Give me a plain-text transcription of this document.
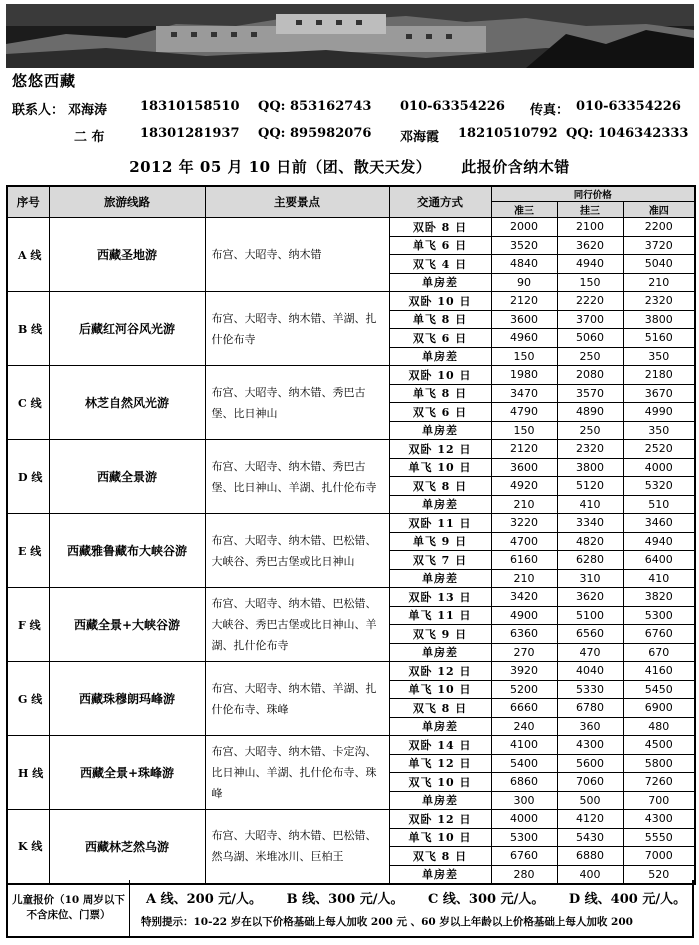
悠悠西藏
联系人： 邓海涛	18310158510 QQ: 853162743 010-63354226 传真： 010-63354226
二 布	18301281937 QQ: 895982076 邓海霞 18210510792 QQ: 1046342333
2012 年 05 月 10 日前（团、散天天发） 此报价含纳木错
序号	旅游线路	主要景点	交通方式	同行价格		
				准三	挂三	准四
A 线	西藏圣地游	布宫、大昭寺、纳木错	双卧 8 日	2000	2100	2200
			单飞 6 日	3520	3620	3720
			双飞 4 日	4840	4940	5040
			单房差	90	150	210
B 线	后藏红河谷风光游	布宫、大昭寺、纳木错、羊湖、扎什伦布寺	双卧 10 日	2120	2220	2320
			单飞 8 日	3600	3700	3800
			双飞 6 日	4960	5060	5160
			单房差	150	250	350
C 线	林芝自然风光游	布宫、大昭寺、纳木错、秀巴古堡、比日神山	双卧 10 日	1980	2080	2180
			单飞 8 日	3470	3570	3670
			双飞 6 日	4790	4890	4990
			单房差	150	250	350
D 线	西藏全景游	布宫、大昭寺、纳木错、秀巴古堡、比日神山、羊湖、扎什伦布寺	双卧 12 日	2120	2320	2520
			单飞 10 日	3600	3800	4000
			双飞 8 日	4920	5120	5320
			单房差	210	410	510
E 线	西藏雅鲁藏布大峡谷游	布宫、大昭寺、纳木错、巴松错、大峡谷、秀巴古堡或比日神山	双卧 11 日	3220	3340	3460
			单飞 9 日	4700	4820	4940
			双飞 7 日	6160	6280	6400
			单房差	210	310	410
F 线	西藏全景+大峡谷游	布宫、大昭寺、纳木错、巴松错、大峡谷、秀巴古堡或比日神山、羊湖、扎什伦布寺	双卧 13 日	3420	3620	3820
			单飞 11 日	4900	5100	5300
			双飞 9 日	6360	6560	6760
			单房差	270	470	670
G 线	西藏珠穆朗玛峰游	布宫、大昭寺、纳木错、羊湖、扎什伦布寺、珠峰	双卧 12 日	3920	4040	4160
			单飞 10 日	5200	5330	5450
			双飞 8 日	6660	6780	6900
			单房差	240	360	480
H 线	西藏全景+珠峰游	布宫、大昭寺、纳木错、卡定沟、比日神山、羊湖、扎什伦布寺、珠峰	双卧 14 日	4100	4300	4500
			单飞 12 日	5400	5600	5800
			双飞 10 日	6860	7060	7260
			单房差	300	500	700
K 线	西藏林芝然乌游	布宫、大昭寺、纳木错、巴松错、然乌湖、米堆冰川、巨柏王	双卧 12 日	4000	4120	4300
			单飞 10 日	5300	5430	5550
			双飞 8 日	6760	6880	7000
			单房差	280	400	520
儿童报价（10 周岁以下不含床位、门票）
A 线、200 元/人。 B 线、300 元/人。 C 线、300 元/人。 D 线、400 元/人。
特别提示：10-22 岁在以下价格基础上每人加收 200 元 、60 岁以上年龄以上价格基础上每人加收 200
